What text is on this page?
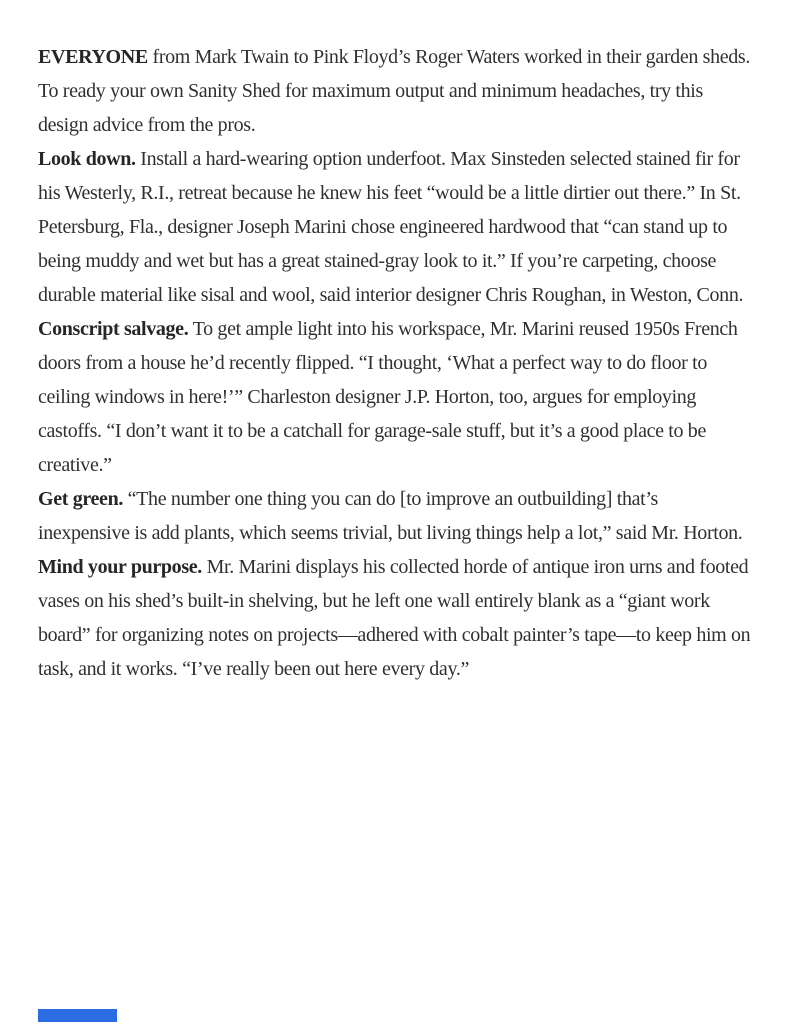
EVERYONE from Mark Twain to Pink Floyd’s Roger Waters worked in their garden sheds. To ready your own Sanity Shed for maximum output and minimum headaches, try this design advice from the pros.

Look down. Install a hard-wearing option underfoot. Max Sinsteden selected stained fir for his Westerly, R.I., retreat because he knew his feet “would be a little dirtier out there.” In St. Petersburg, Fla., designer Joseph Marini chose engineered hardwood that “can stand up to being muddy and wet but has a great stained-gray look to it.” If you’re carpeting, choose durable material like sisal and wool, said interior designer Chris Roughan, in Weston, Conn.

Conscript salvage. To get ample light into his workspace, Mr. Marini reused 1950s French doors from a house he’d recently flipped. “I thought, ‘What a perfect way to do floor to ceiling windows in here!’” Charleston designer J.P. Horton, too, argues for employing castoffs. “I don’t want it to be a catchall for garage-sale stuff, but it’s a good place to be creative.”

Get green. “The number one thing you can do [to improve an outbuilding] that’s inexpensive is add plants, which seems trivial, but living things help a lot,” said Mr. Horton.

Mind your purpose. Mr. Marini displays his collected horde of antique iron urns and footed vases on his shed’s built-in shelving, but he left one wall entirely blank as a “giant work board” for organizing notes on projects—adhered with cobalt painter’s tape—to keep him on task, and it works. “I’ve really been out here every day.”
